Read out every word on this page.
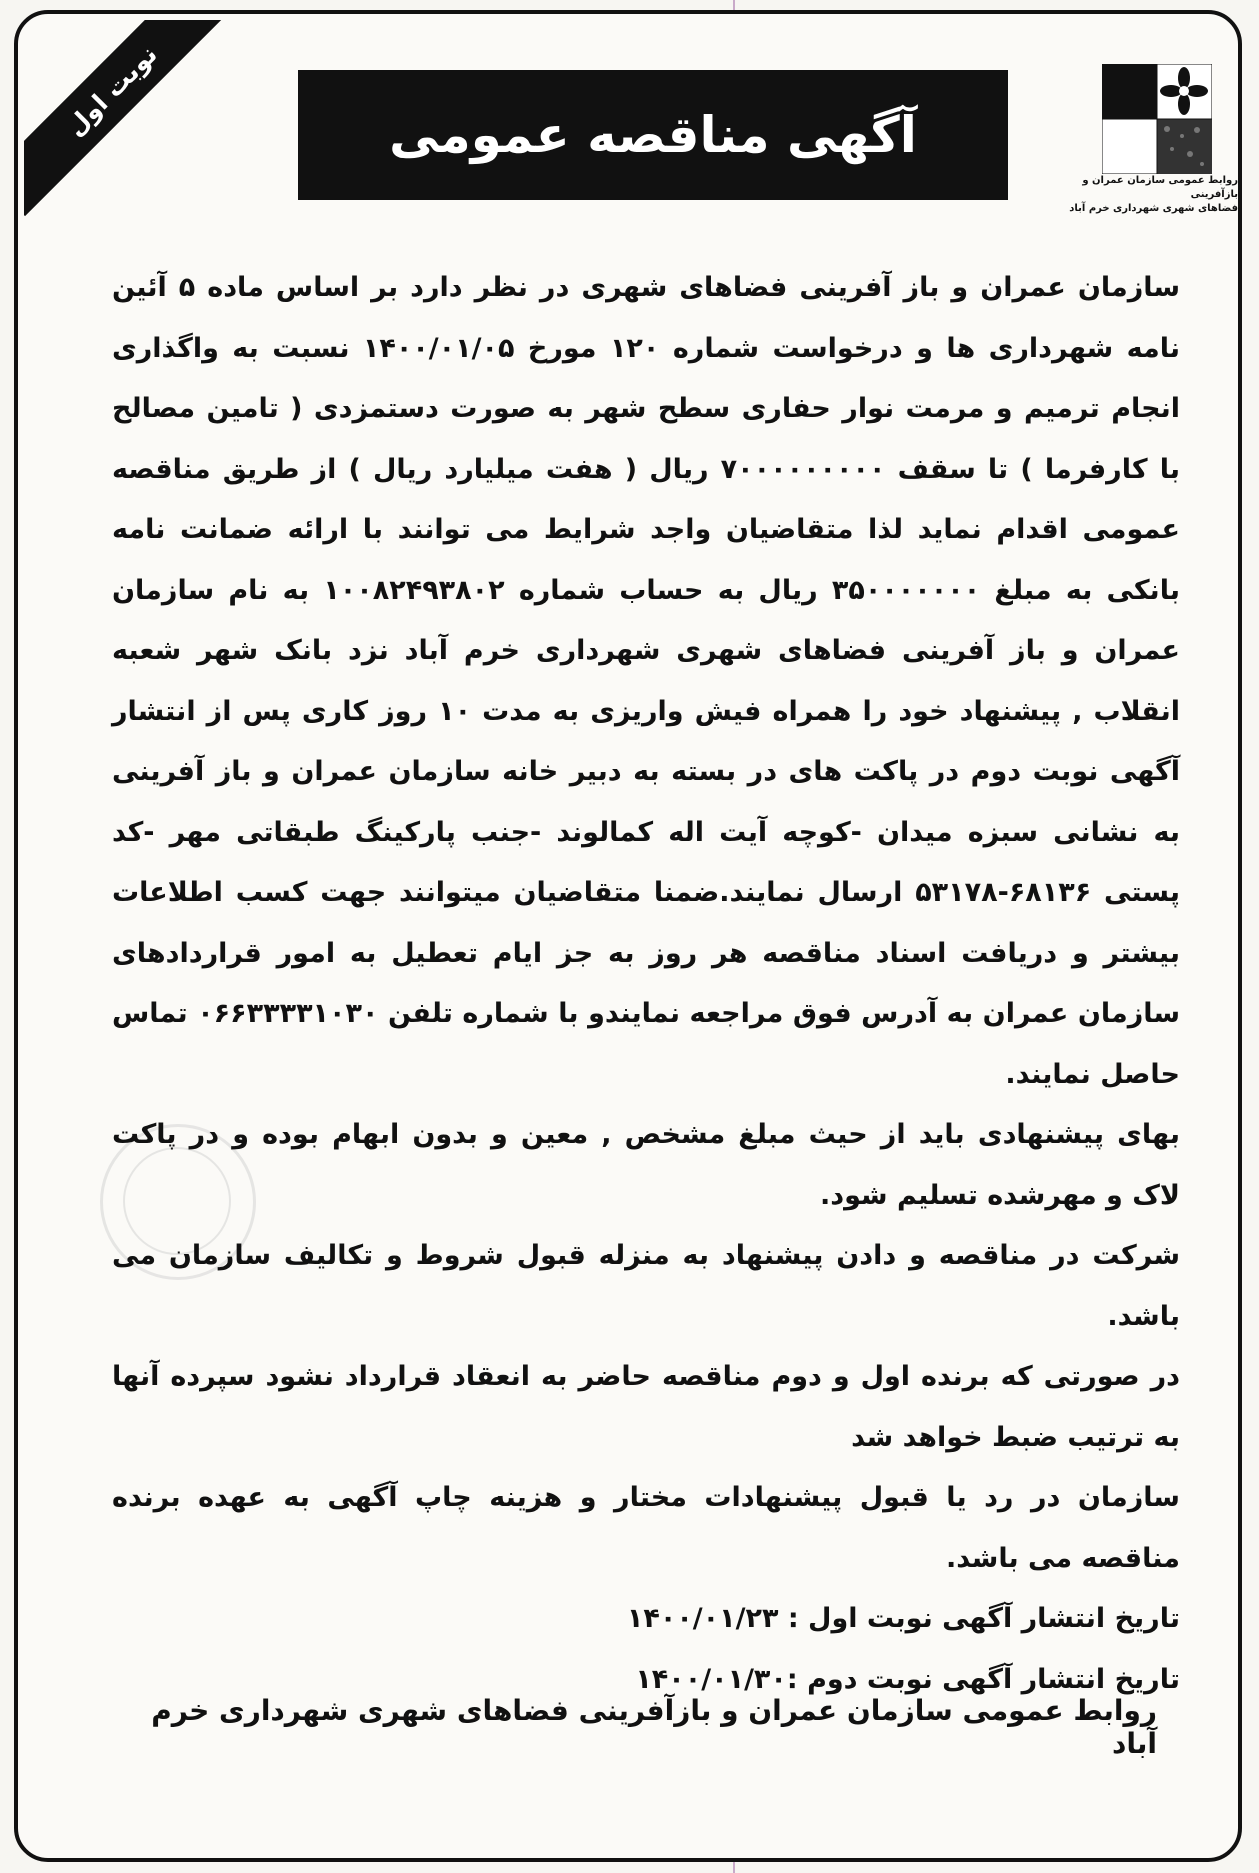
نوبت اول	آگهی مناقصه عمومی
روابط عمومی سازمان عمران و بازآفرینی
فضاهای شهری شهرداری خرم آباد

سازمان عمران و باز آفرینی فضاهای شهری در نظر دارد بر اساس ماده ۵ آئین نامه شهرداری ها و درخواست شماره ۱۲۰ مورخ ۱۴۰۰/۰۱/۰۵ نسبت به واگذاری انجام ترمیم و مرمت نوار حفاری سطح شهر به صورت دستمزدی ( تامین مصالح با کارفرما ) تا سقف ۷۰۰۰۰۰۰۰۰۰ ریال ( هفت میلیارد ریال ) از طریق مناقصه عمومی اقدام نماید لذا متقاضیان واجد شرایط می توانند با ارائه ضمانت نامه بانکی به مبلغ ۳۵۰۰۰۰۰۰۰ ریال به حساب شماره ۱۰۰۸۲۴۹۳۸۰۲ به نام سازمان عمران و باز آفرینی فضاهای شهری شهرداری خرم آباد نزد بانک شهر شعبه انقلاب , پیشنهاد خود را همراه فیش واریزی به مدت ۱۰ روز کاری پس از انتشار آگهی نوبت دوم در پاکت های در بسته به دبیر خانه سازمان عمران و باز آفرینی به نشانی سبزه میدان -کوچه آیت اله کمالوند -جنب پارکینگ طبقاتی مهر -کد پستی ۶۸۱۳۶-۵۳۱۷۸ ارسال نمایند.ضمنا متقاضیان میتوانند جهت کسب اطلاعات بیشتر و دریافت اسناد مناقصه هر روز به جز ایام تعطیل به امور قراردادهای سازمان عمران به آدرس فوق مراجعه نمایندو با شماره تلفن ۰۶۶۳۳۳۳۱۰۳۰ تماس حاصل نمایند.

بهای پیشنهادی باید از حیث مبلغ مشخص , معین و بدون ابهام بوده و در پاکت لاک و مهرشده تسلیم شود.

شرکت در مناقصه و دادن پیشنهاد به منزله قبول شروط و تکالیف سازمان می باشد.

در صورتی که برنده اول و دوم مناقصه حاضر به انعقاد قرارداد نشود سپرده آنها به ترتیب ضبط خواهد شد

سازمان در رد یا قبول پیشنهادات مختار و هزینه چاپ آگهی به عهده برنده مناقصه می باشد.

تاریخ انتشار آگهی نوبت اول : ۱۴۰۰/۰۱/۲۳

تاریخ انتشار آگهی نوبت دوم :۱۴۰۰/۰۱/۳۰

روابط عمومی سازمان عمران و بازآفرینی فضاهای شهری شهرداری خرم آباد
